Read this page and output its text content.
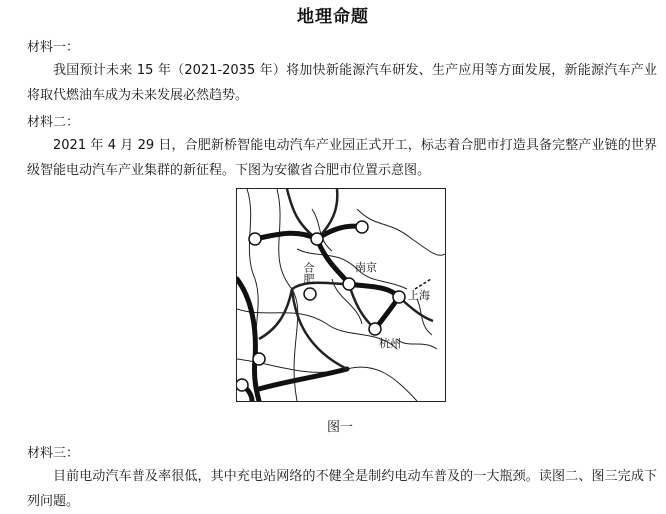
地理命题
材料一：
我国预计未来 15 年（2021-2035 年）将加快新能源汽车研发、生产应用等方面发展，新能源汽车产业将取代燃油车成为未来发展必然趋势。
材料二：
2021 年 4 月 29 日，合肥新桥智能电动汽车产业园正式开工，标志着合肥市打造具备完整产业链的世界级智能电动汽车产业集群的新征程。下图为安徽省合肥市位置示意图。
合肥	南京
上海
杭州
图一
材料三：
目前电动汽车普及率很低，其中充电站网络的不健全是制约电动车普及的一大瓶颈。读图二、图三完成下列问题。
